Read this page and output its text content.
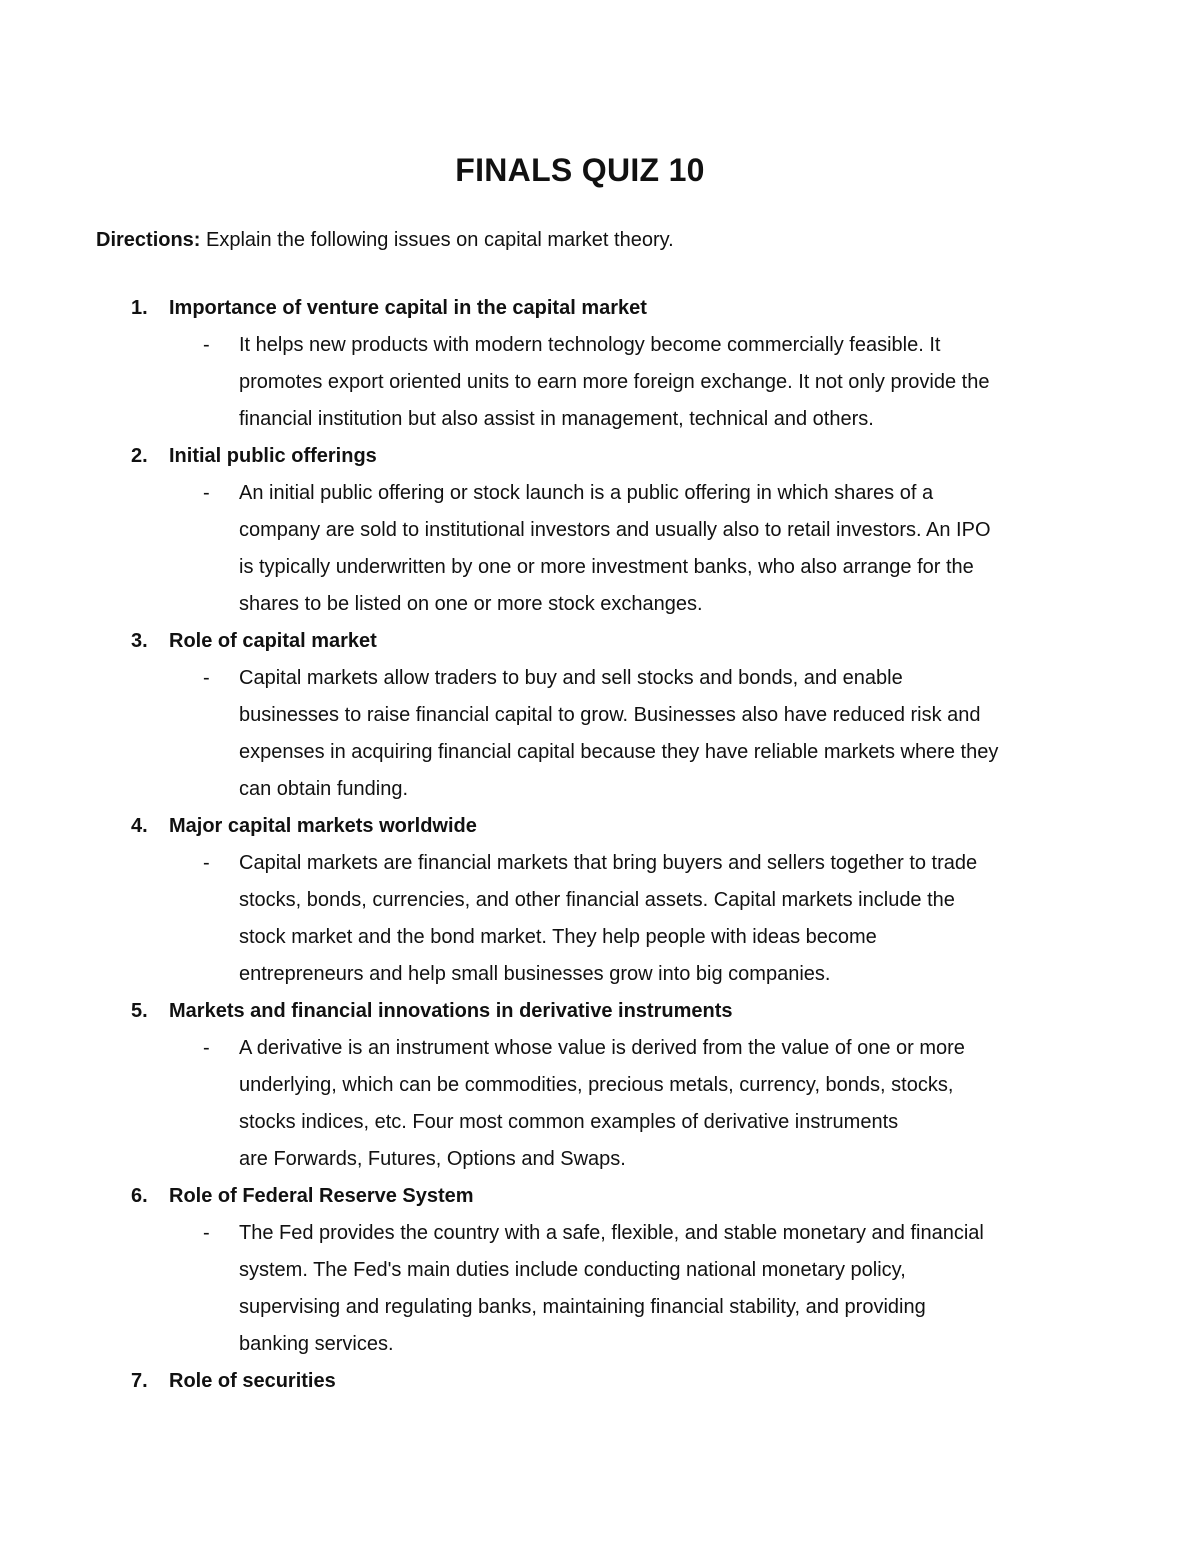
FINALS QUIZ 10
Directions: Explain the following issues on capital market theory.
1. Importance of venture capital in the capital market
- It helps new products with modern technology become commercially feasible. It
promotes export oriented units to earn more foreign exchange. It not only provide the
financial institution but also assist in management, technical and others.
2. Initial public offerings
- An initial public offering or stock launch is a public offering in which shares of a
company are sold to institutional investors and usually also to retail investors. An IPO
is typically underwritten by one or more investment banks, who also arrange for the
shares to be listed on one or more stock exchanges.
3. Role of capital market
- Capital markets allow traders to buy and sell stocks and bonds, and enable
businesses to raise financial capital to grow. Businesses also have reduced risk and
expenses in acquiring financial capital because they have reliable markets where they
can obtain funding.
4. Major capital markets worldwide
- Capital markets are financial markets that bring buyers and sellers together to trade
stocks, bonds, currencies, and other financial assets. Capital markets include the
stock market and the bond market. They help people with ideas become
entrepreneurs and help small businesses grow into big companies.
5. Markets and financial innovations in derivative instruments
- A derivative is an instrument whose value is derived from the value of one or more
underlying, which can be commodities, precious metals, currency, bonds, stocks,
stocks indices, etc. Four most common examples of derivative instruments
are Forwards, Futures, Options and Swaps.
6. Role of Federal Reserve System
- The Fed provides the country with a safe, flexible, and stable monetary and financial
system. The Fed's main duties include conducting national monetary policy,
supervising and regulating banks, maintaining financial stability, and providing
banking services.
7. Role of securities
